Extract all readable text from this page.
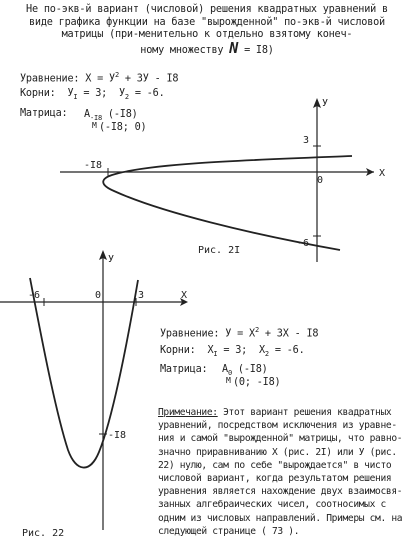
Не по-экв-й вариант (числовой) решения квадратных уравнений в
виде графика функции на базе "выроҗденной" по-экв-й числовой
матрицы (при-менительно к отдельно взятому конеч-
ному множеству N = I8)
Уравнение: $X = У^2 + 3У - I8$
Корни: $У_I = 3$; $У_2 = -6$.
Матрица: $A_{-I8}$ (-I8)
М (-I8; 0)
X
У
3
-6
-I8
0
X
У
-6	0	3
-I8
Рис. 2I
Рис. 22
Уравнение: $У = X^2 + 3X - I8$
Корни: $X_I = 3$; $X_2 = -6$.
Матрица: $A_0$ (-I8)
М (0; -I8)
Примечание: Этот вариант решения квадратных
уравнений, посредством исключения из уравне-
ния и самой "выроҗденной" матрицы, что равно-
значно приравниванию X (рис. 2I) или У (рис.
22) нулю, сам по себе "выроҗдается" в чисто
числовой вариант, когда результатом решения
уравнения является нахождение двух взаимосвя-
занных алгебраических чисел, соотносимых с
одним из числовых направлений. Примеры см. на
следующей странице ( 73 ).
